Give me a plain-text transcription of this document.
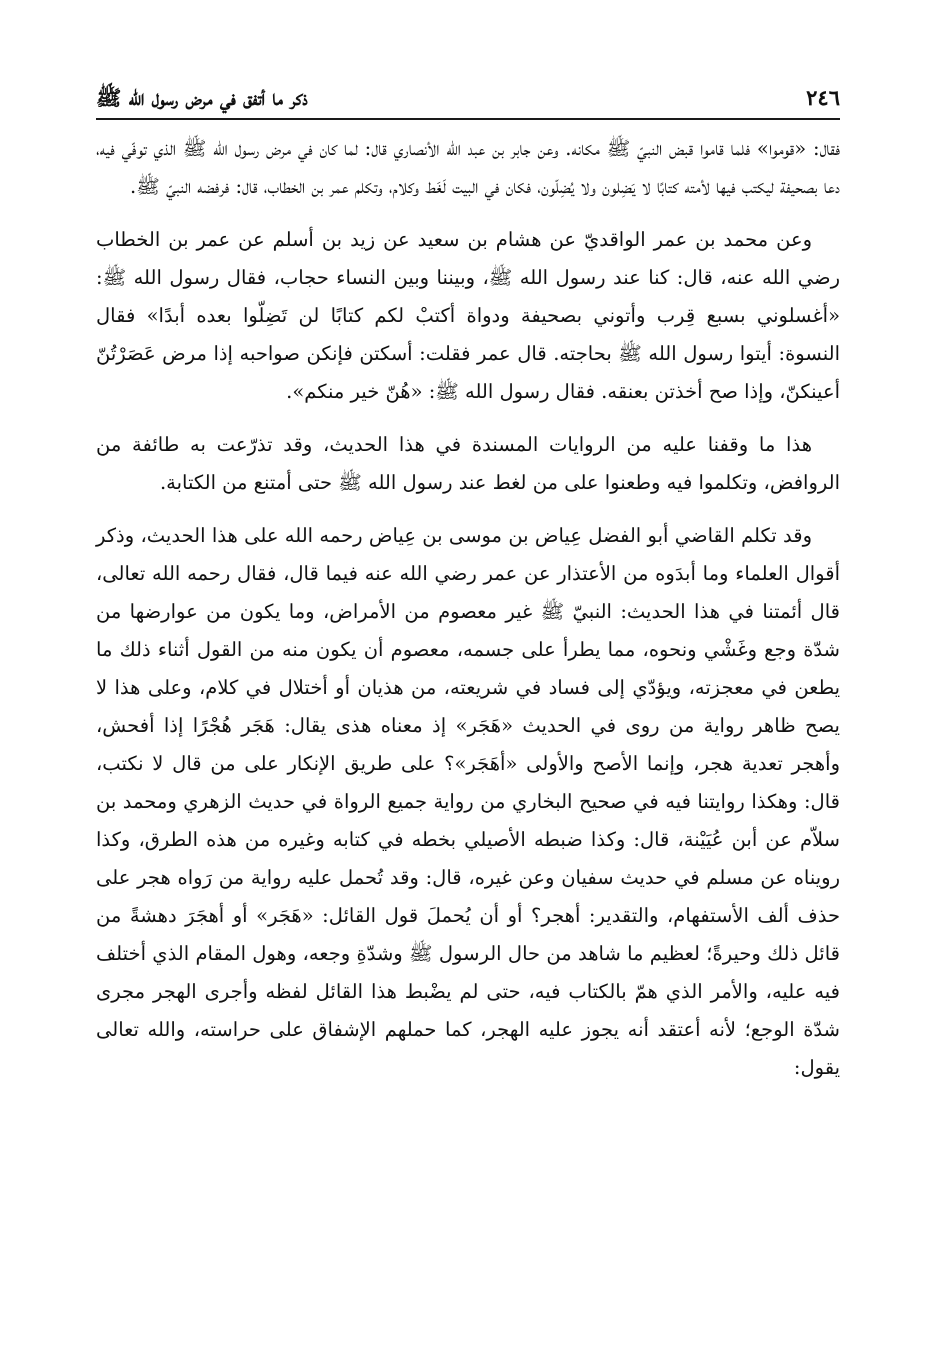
٢٤٦
ذكر ما أتفق في مرض رسول الله ﷺ

فقال: «قوموا» فلما قاموا قبض النبيّ ﷺ مكانه. وعن جابر بن عبد الله الأنصاري قال: لما كان في مرض رسول الله ﷺ الذي توفّي فيه، دعا بصحيفة ليكتب فيها لأمته كتابًا لا يَضِلون ولا يُضِلّون، فكان في البيت لَغَط وكلام، وتكلم عمر بن الخطاب، قال: فرفضه النبيّ ﷺ.

وعن محمد بن عمر الواقديّ عن هشام بن سعيد عن زيد بن أسلم عن عمر بن الخطاب رضي الله عنه، قال: كنا عند رسول الله ﷺ، وبيننا وبين النساء حجاب، فقال رسول الله ﷺ: «أغسلوني بسبع قِرب وأتوني بصحيفة ودواة أكتبْ لكم كتابًا لن تَضِلّوا بعده أبدًا» فقال النسوة: أيتوا رسول الله ﷺ بحاجته. قال عمر فقلت: أسكتن فإنكن صواحبه إذا مرض عَصَرْتُنّ أعينكنّ، وإذا صح أخذتن بعنقه. فقال رسول الله ﷺ: «هُنّ خير منكم».

هذا ما وقفنا عليه من الروايات المسندة في هذا الحديث، وقد تذرّعت به طائفة من الروافض، وتكلموا فيه وطعنوا على من لغط عند رسول الله ﷺ حتى أمتنع من الكتابة.

وقد تكلم القاضي أبو الفضل عِياض بن موسى بن عِياض رحمه الله على هذا الحديث، وذكر أقوال العلماء وما أبدَوه من الأعتذار عن عمر رضي الله عنه فيما قال، فقال رحمه الله تعالى، قال أئمتنا في هذا الحديث: النبيّ ﷺ غير معصوم من الأمراض، وما يكون من عوارضها من شدّة وجع وغَشْي ونحوه، مما يطرأ على جسمه، معصوم أن يكون منه من القول أثناء ذلك ما يطعن في معجزته، ويؤدّي إلى فساد في شريعته، من هذيان أو أختلال في كلام، وعلى هذا لا يصح ظاهر رواية من روى في الحديث «هَجَر» إذ معناه هذى يقال: هَجَر هُجْرًا إذا أفحش، وأهجر تعدية هجر، وإنما الأصح والأولى «أهَجَر»؟ على طريق الإنكار على من قال لا نكتب، قال: وهكذا روايتنا فيه في صحيح البخاري من رواية جميع الرواة في حديث الزهري ومحمد بن سلاّم عن أبن عُيَيْنة، قال: وكذا ضبطه الأصيلي بخطه في كتابه وغيره من هذه الطرق، وكذا رويناه عن مسلم في حديث سفيان وعن غيره، قال: وقد تُحمل عليه رواية من رَواه هجر على حذف ألف الأستفهام، والتقدير: أهجر؟ أو أن يُحملَ قول القائل: «هَجَر» أو أهجَرَ دهشةً من قائل ذلك وحيرةً؛ لعظيم ما شاهد من حال الرسول ﷺ وشدّةِ وجعه، وهول المقام الذي أختلف فيه عليه، والأمر الذي همّ بالكتاب فيه، حتى لم يضْبط هذا القائل لفظه وأجرى الهجر مجرى شدّة الوجع؛ لأنه أعتقد أنه يجوز عليه الهجر، كما حملهم الإشفاق على حراسته، والله تعالى يقول:
